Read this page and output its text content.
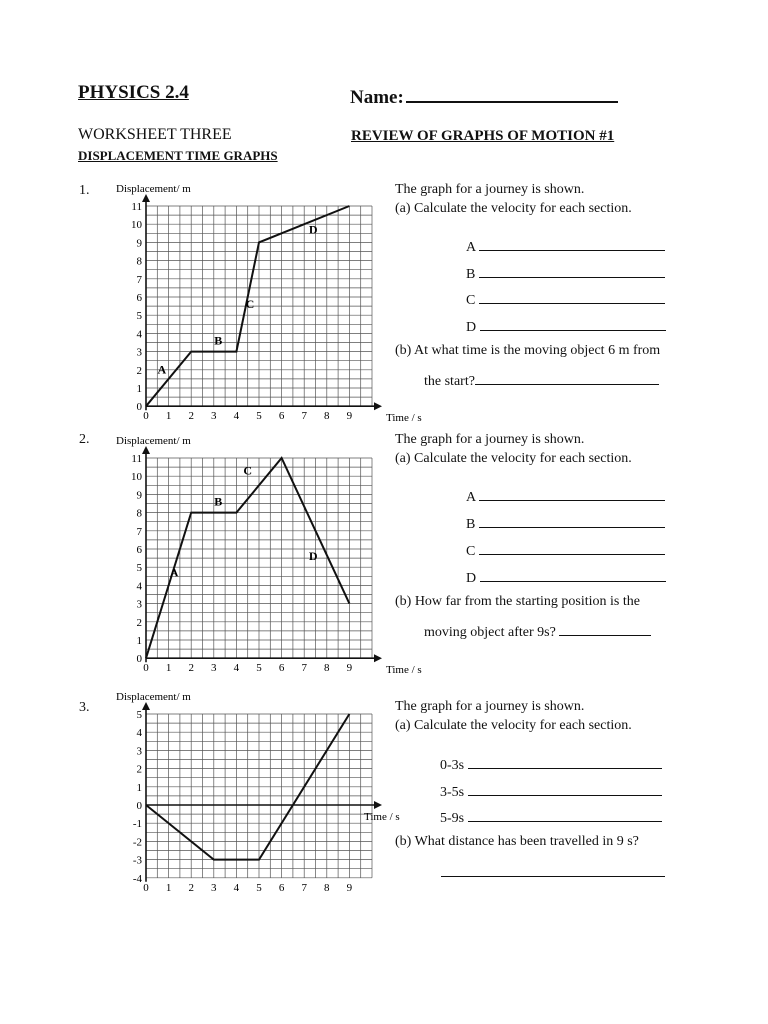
PHYSICS 2.4	Name:
WORKSHEET THREE	REVIEW OF GRAPHS OF MOTION #1
DISPLACEMENT TIME GRAPHS
1. Displacement/ m
Time / s
0
1
2
3
4
5
6
7
8
9
10
11
0 1 2 3 4 5 6 7 8 9
A
B
C
D
The graph for a journey is shown.
(a) Calculate the velocity for each section.
A
B
C
D
(b) At what time is the moving object 6 m from
the start?
2. Displacement/ m
Time / s
0
1
2
3
4
5
6
7
8
9
10
11
0 1 2 3 4 5 6 7 8 9
A
B
C
D
The graph for a journey is shown.
(a) Calculate the velocity for each section.
A
B
C
D
(b) How far from the starting position is the
moving object after 9s?
3.
Displacement/ m
Time / s
-4
-3
-2
-1
0
1
2
3
4
5
0 1 2 3 4 5 6 7 8 9
The graph for a journey is shown.
(a) Calculate the velocity for each section.
0-3s
3-5s
5-9s
(b) What distance has been travelled in 9 s?
